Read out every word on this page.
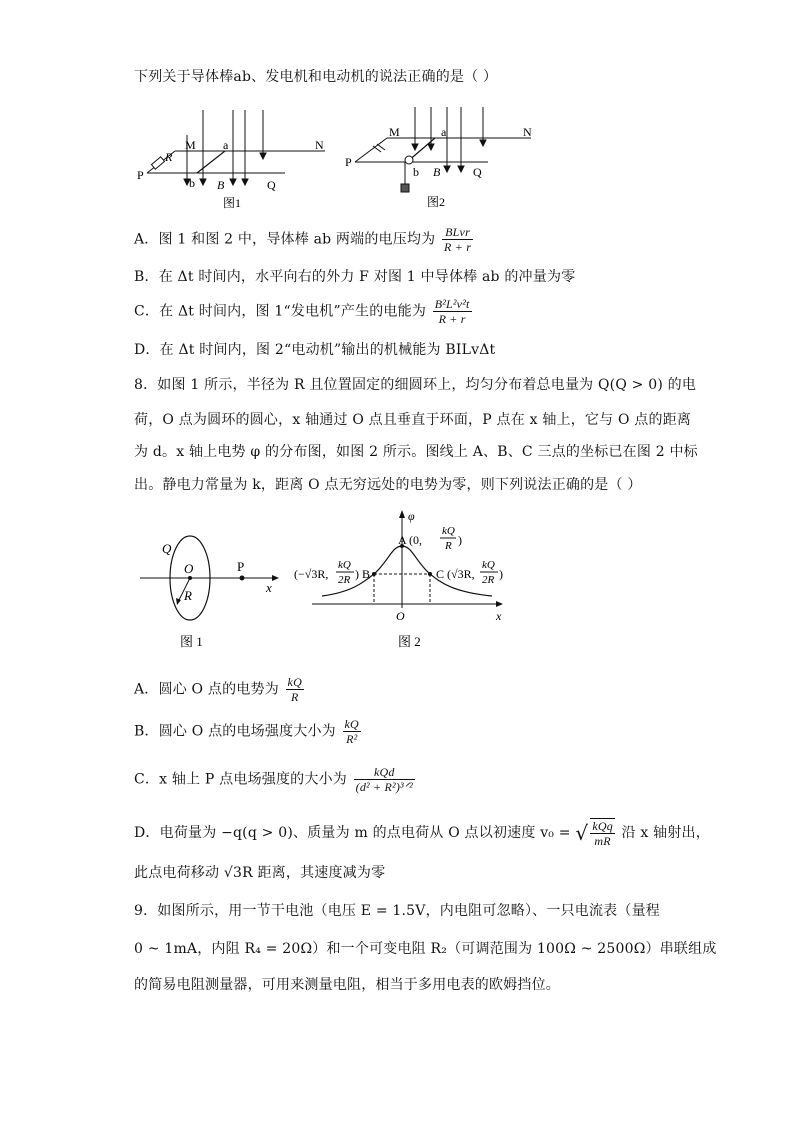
下列关于导体棒ab、发电机和电动机的说法正确的是（ ）
M	N
P
Q
a
b B
R
图1
M	N
P
Q
a
b B
图2
A．图 1 和图 2 中，导体棒 ab 两端的电压均为 $\frac{\text{BLvr}}{R + r}$
B．在 Δt 时间内，水平向右的外力 F 对图 1 中导体棒 ab 的冲量为零
C．在 Δt 时间内，图 1“发电机”产生的电能为 $\frac{\text{B²L²v²t}}{R + r}$
D．在 Δt 时间内，图 2“电动机”输出的机械能为 BILvΔt
8．如图 1 所示，半径为 R 且位置固定的细圆环上，均匀分布着总电量为 Q(Q > 0) 的电
荷，O 点为圆环的圆心，x 轴通过 O 点且垂直于环面，P 点在 x 轴上，它与 O 点的距离
为 d。x 轴上电势 φ 的分布图，如图 2 所示。图线上 A、B、C 三点的坐标已在图 2 中标
出。静电力常量为 k，距离 O 点无穷远处的电势为零，则下列说法正确的是（ ）
Q
O	P
R
x
图 1
φ
x
O
A (0,
kQ
R )
(−√3R,
kQ
2R ) B	C (√3R,
kQ
2R )
图 2
A．圆心 O 点的电势为 $\frac{kQ}{R}$
B．圆心 O 点的电场强度大小为 $\frac{kQ}{\text{R²}}$
C．x 轴上 P 点电场强度的大小为 $\frac{\text{kQd}}{\text{(d² + R²)³ᐟ²}}$
D．电荷量为 −q(q > 0)、质量为 m 的点电荷从 O 点以初速度 v₀ = √ $\frac{\text{kQq}}{mR}$ 沿 x 轴射出，
此点电荷移动 √3R 距离，其速度减为零
9．如图所示，用一节干电池（电压 E = 1.5V，内电阻可忽略）、一只电流表（量程
0 ~ 1mA，内阻 R₄ = 20Ω）和一个可变电阻 R₂（可调范围为 100Ω ~ 2500Ω）串联组成
的简易电阻测量器，可用来测量电阻，相当于多用电表的欧姆挡位。
